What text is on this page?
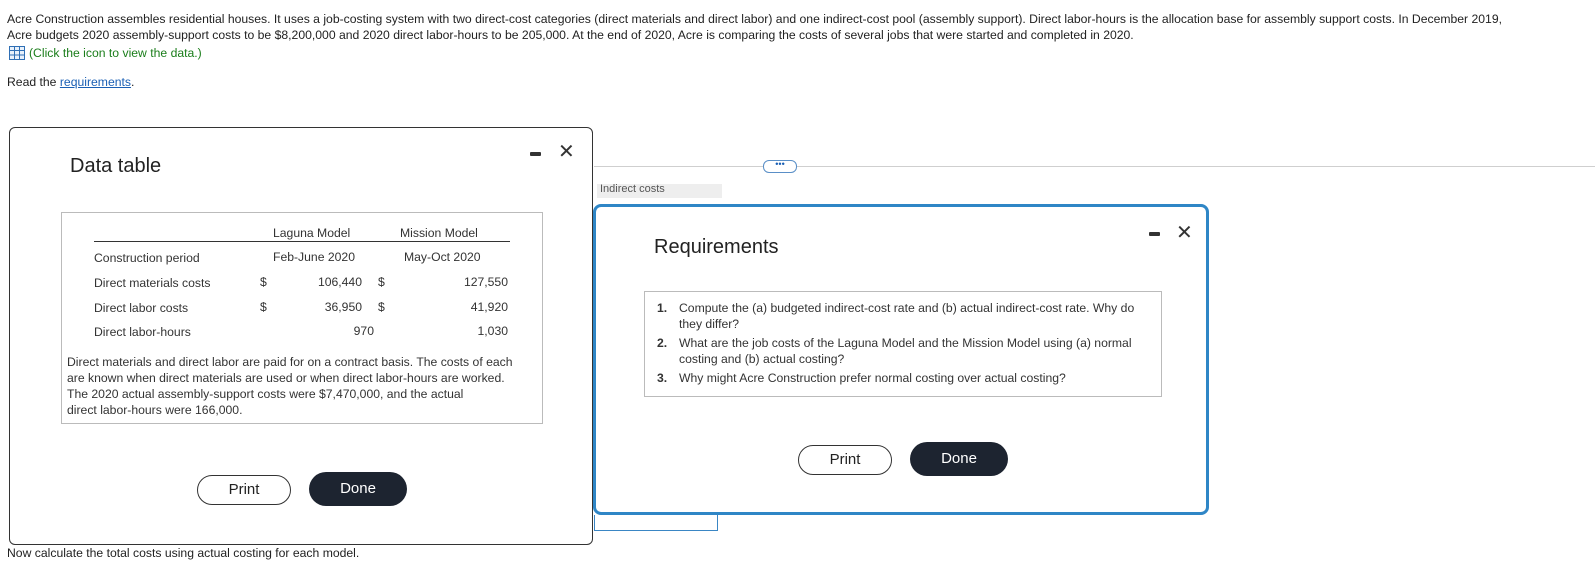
Acre Construction assembles residential houses. It uses a job-costing system with two direct-cost categories (direct materials and direct labor) and one indirect-cost pool (assembly support). Direct labor-hours is the allocation base for assembly support costs. In December 2019,

Acre budgets 2020 assembly-support costs to be $8,200,000 and 2020 direct labor-hours to be 205,000. At the end of 2020, Acre is comparing the costs of several jobs that were started and completed in 2020.

(Click the icon to view the data.)
Read the requirements.
•••
Indirect costs
Now calculate the total costs using actual costing for each model.
Data table
✕
Laguna Model	Mission Model
Construction period	Feb-June 2020	May-Oct 2020
Direct materials costs	$	106,440 $	127,550
Direct labor costs	$	36,950 $	41,920
Direct labor-hours	970	1,030
Direct materials and direct labor are paid for on a contract basis. The costs of each
are known when direct materials are used or when direct labor-hours are worked.
The 2020 actual assembly-support costs were $7,470,000, and the actual
direct labor-hours were 166,000.
Print	Done
Requirements
✕
1. Compute the (a) budgeted indirect-cost rate and (b) actual indirect-cost rate. Why do they differ?
2. What are the job costs of the Laguna Model and the Mission Model using (a) normal costing and (b) actual costing?
3. Why might Acre Construction prefer normal costing over actual costing?
Print	Done
